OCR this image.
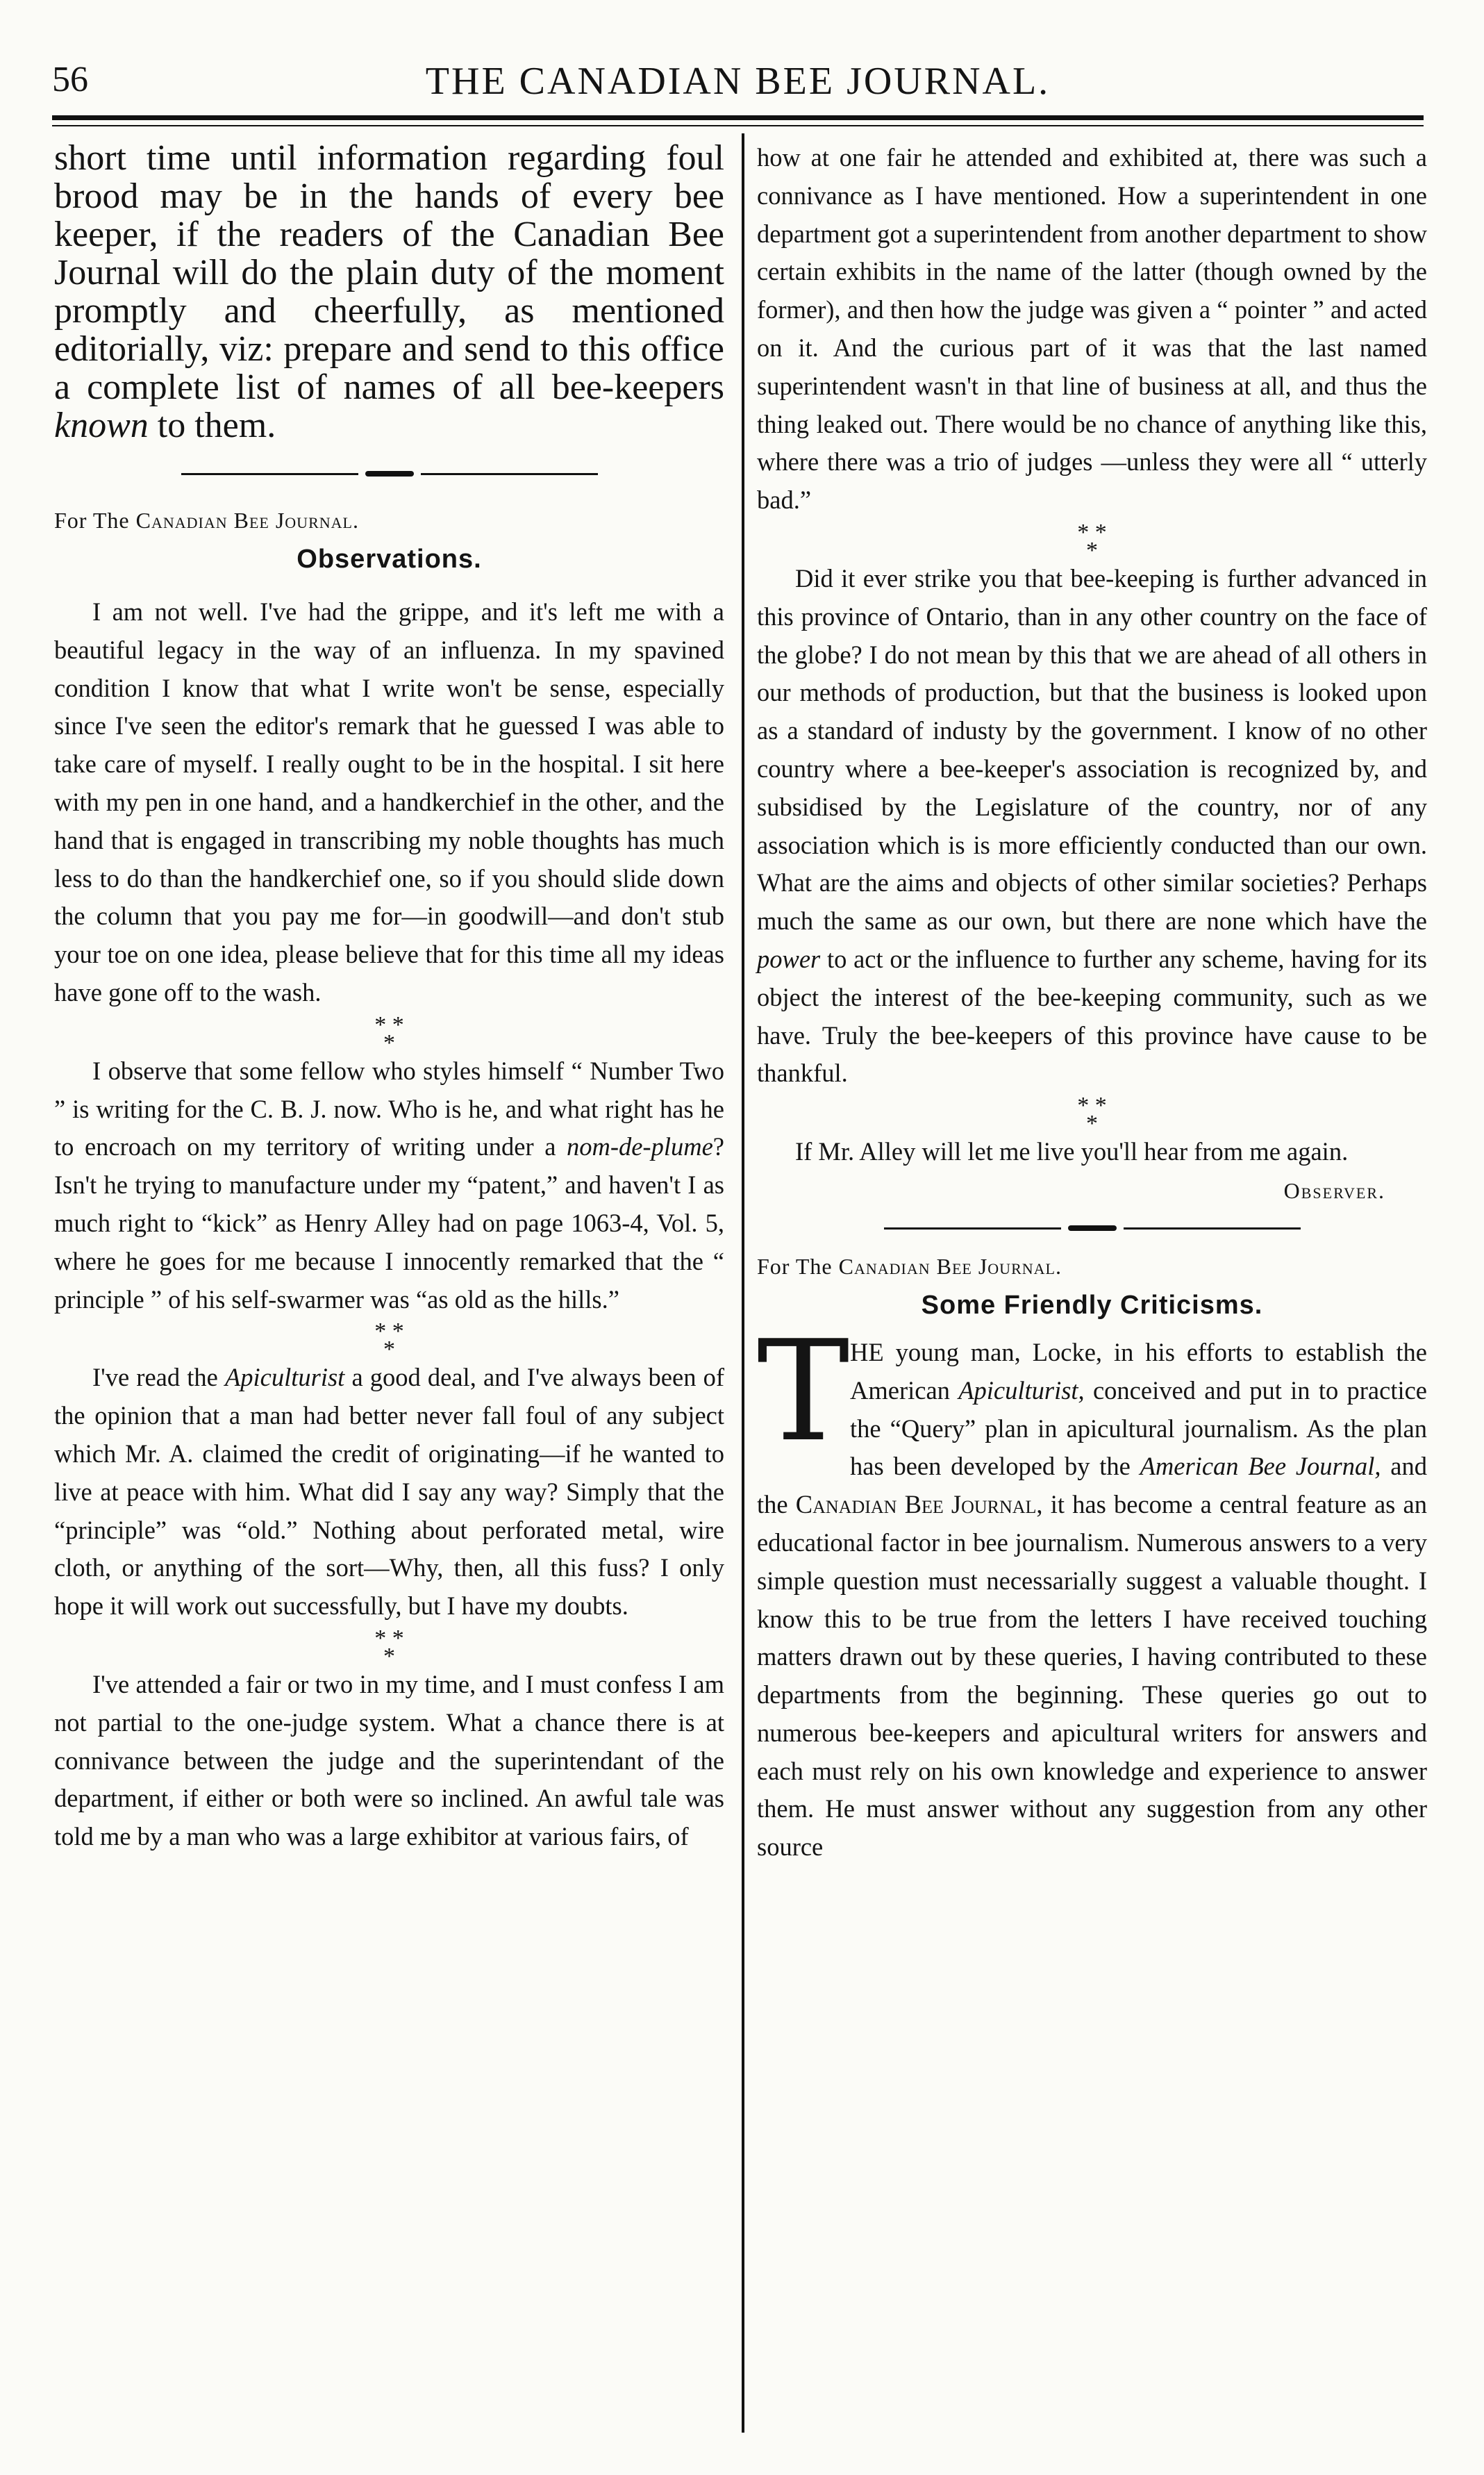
56	THE CANADIAN BEE JOURNAL.

short time until information regarding foul brood may be in the hands of every bee keeper, if the readers of the Canadian Bee Journal will do the plain duty of the moment promptly and cheerfully, as mentioned editorially, viz: prepare and send to this office a complete list of names of all bee-keepers known to them.

For The Canadian Bee Journal.

Observations.

I am not well. I've had the grippe, and it's left me with a beautiful legacy in the way of an influenza. In my spavined condition I know that what I write won't be sense, especially since I've seen the editor's remark that he guessed I was able to take care of myself. I really ought to be in the hospital. I sit here with my pen in one hand, and a handkerchief in the other, and the hand that is engaged in transcribing my noble thoughts has much less to do than the handkerchief one, so if you should slide down the column that you pay me for—in goodwill—and don't stub your toe on one idea, please believe that for this time all my ideas have gone off to the wash.

* *
*

I observe that some fellow who styles himself “ Number Two ” is writing for the C. B. J. now. Who is he, and what right has he to encroach on my territory of writing under a nom-de-plume? Isn't he trying to manufacture under my “patent,” and haven't I as much right to “kick” as Henry Alley had on page 1063-4, Vol. 5, where he goes for me because I innocently remarked that the “ principle ” of his self-swarmer was “as old as the hills.”

* *
*

I've read the Apiculturist a good deal, and I've always been of the opinion that a man had better never fall foul of any subject which Mr. A. claimed the credit of originating—if he wanted to live at peace with him. What did I say any way? Simply that the “principle” was “old.” Nothing about perforated metal, wire cloth, or anything of the sort—Why, then, all this fuss? I only hope it will work out successfully, but I have my doubts.

* *
*

I've attended a fair or two in my time, and I must confess I am not partial to the one-judge system. What a chance there is at connivance between the judge and the superintendant of the department, if either or both were so inclined. An awful tale was told me by a man who was a large exhibitor at various fairs, of

how at one fair he attended and exhibited at, there was such a connivance as I have mentioned. How a superintendent in one department got a superintendent from another department to show certain exhibits in the name of the latter (though owned by the former), and then how the judge was given a “ pointer ” and acted on it. And the curious part of it was that the last named superintendent wasn't in that line of business at all, and thus the thing leaked out. There would be no chance of anything like this, where there was a trio of judges —unless they were all “ utterly bad.”

* *
*

Did it ever strike you that bee-keeping is further advanced in this province of Ontario, than in any other country on the face of the globe? I do not mean by this that we are ahead of all others in our methods of production, but that the business is looked upon as a standard of industy by the government. I know of no other country where a bee-keeper's association is recognized by, and subsidised by the Legislature of the country, nor of any association which is is more efficiently conducted than our own. What are the aims and objects of other similar societies? Perhaps much the same as our own, but there are none which have the power to act or the influence to further any scheme, having for its object the interest of the bee-keeping community, such as we have. Truly the bee-keepers of this province have cause to be thankful.

* *
*

If Mr. Alley will let me live you'll hear from me again.

Observer.

For The Canadian Bee Journal.

Some Friendly Criticisms.

T HE young man, Locke, in his efforts to establish the American Apiculturist, conceived and put in to practice the “Query” plan in apicultural journalism. As the plan has been developed by the American Bee Journal, and the Canadian Bee Journal, it has become a central feature as an educational factor in bee journalism. Numerous answers to a very simple question must necessarially suggest a valuable thought. I know this to be true from the letters I have received touching matters drawn out by these queries, I having contributed to these departments from the beginning. These queries go out to numerous bee-keepers and apicultural writers for answers and each must rely on his own knowledge and experience to answer them. He must answer without any suggestion from any other source
